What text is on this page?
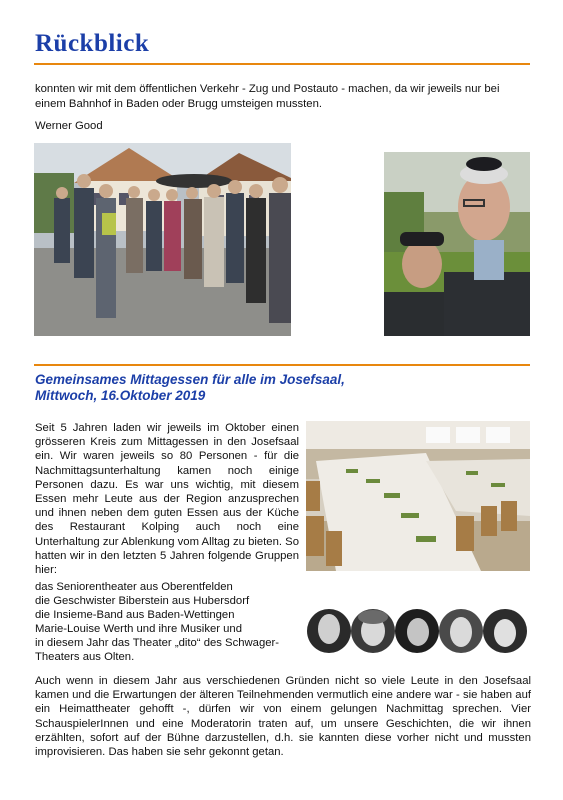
Rückblick

konnten wir mit dem öffentlichen Verkehr - Zug und Postauto - machen, da wir jeweils nur bei einem Bahnhof in Baden oder Brugg umsteigen mussten.

Werner Good

Gemeinsames Mittagessen für alle im Josefsaal,
Mittwoch, 16.Oktober 2019

Seit 5 Jahren laden wir jeweils im Oktober einen grösseren Kreis zum Mittagessen in den Josefsaal ein. Wir waren jeweils so 80 Personen - für die Nachmittagsunterhaltung kamen noch einige Personen dazu. Es war uns wichtig, mit diesem Essen mehr Leute aus der Region anzusprechen und ihnen neben dem guten Essen aus der Küche des Restaurant Kolping auch noch eine Unterhaltung zur Ablenkung vom Alltag zu bieten. So hatten wir in den letzten 5 Jahren folgende Gruppen hier:

das Seniorentheater aus Oberentfelden
die Geschwister Biberstein aus Hubersdorf
die Insieme-Band aus Baden-Wettingen
Marie-Louise Werth und ihre Musiker und
in diesem Jahr das Theater „dito“ des Schwager-
Theaters aus Olten.

Auch wenn in diesem Jahr aus verschiedenen Gründen nicht so viele Leute in den Josefsaal kamen und die Erwartungen der älteren Teilnehmenden vermutlich eine andere war - sie haben auf ein Heimattheater gehofft -, dürfen wir von einem gelungen Nachmittag sprechen. Vier SchauspielerInnen und eine Moderatorin traten auf, um unsere Geschichten, die wir ihnen erzählten, sofort auf der Bühne darzustellen, d.h. sie kannten diese vorher nicht und mussten improvisieren. Das haben sie sehr gekonnt getan.
